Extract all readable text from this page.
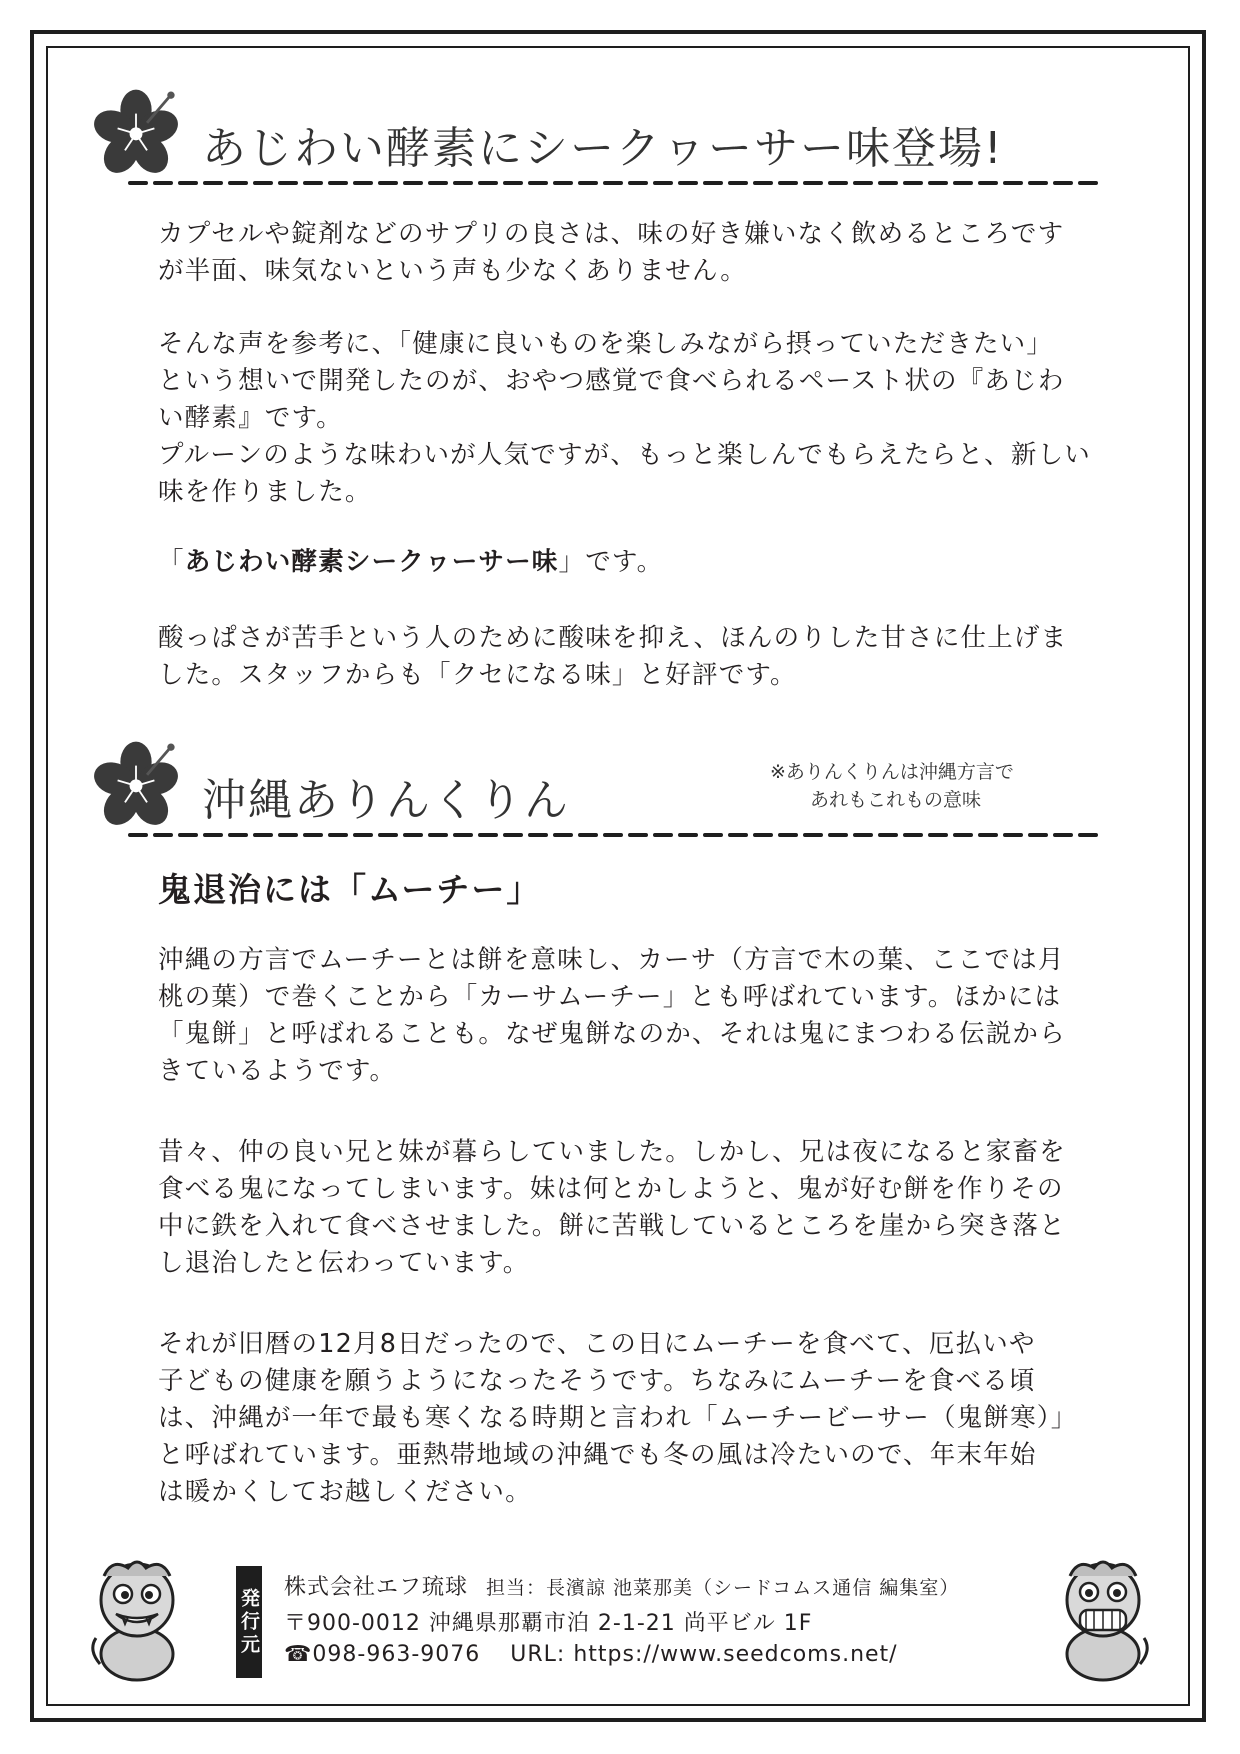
あじわい酵素にシークヮーサー味登場!

カプセルや錠剤などのサプリの良さは、味の好き嫌いなく飲めるところです
が半面、味気ないという声も少なくありません。

そんな声を参考に、「健康に良いものを楽しみながら摂っていただきたい」
という想いで開発したのが、おやつ感覚で食べられるペースト状の『あじわ
い酵素』です。
プルーンのような味わいが人気ですが、もっと楽しんでもらえたらと、新しい
味を作りました。

「あじわい酵素シークヮーサー味」です。

酸っぱさが苦手という人のために酸味を抑え、ほんのりした甘さに仕上げま
した。スタッフからも「クセになる味」と好評です。

沖縄ありんくりん
※ありんくりんは沖縄方言で
あれもこれもの意味
鬼退治には「ムーチー」

沖縄の方言でムーチーとは餅を意味し、カーサ（方言で木の葉、ここでは月
桃の葉）で巻くことから「カーサムーチー」とも呼ばれています。ほかには
「鬼餅」と呼ばれることも。なぜ鬼餅なのか、それは鬼にまつわる伝説から
きているようです。

昔々、仲の良い兄と妹が暮らしていました。しかし、兄は夜になると家畜を
食べる鬼になってしまいます。妹は何とかしようと、鬼が好む餅を作りその
中に鉄を入れて食べさせました。餅に苦戦しているところを崖から突き落と
し退治したと伝わっています。

それが旧暦の12月8日だったので、この日にムーチーを食べて、厄払いや
子どもの健康を願うようになったそうです。ちなみにムーチーを食べる頃
は、沖縄が一年で最も寒くなる時期と言われ「ムーチービーサー（鬼餅寒）」
と呼ばれています。亜熱帯地域の沖縄でも冬の風は冷たいので、年末年始
は暖かくしてお越しください。

発行元 株式会社エフ琉球 担当：長濱諒 池菜那美（シードコムス通信 編集室）
〒900-0012 沖縄県那覇市泊 2-1-21 尚平ビル 1F
☎098-963-9076 URL: https://www.seedcoms.net/
